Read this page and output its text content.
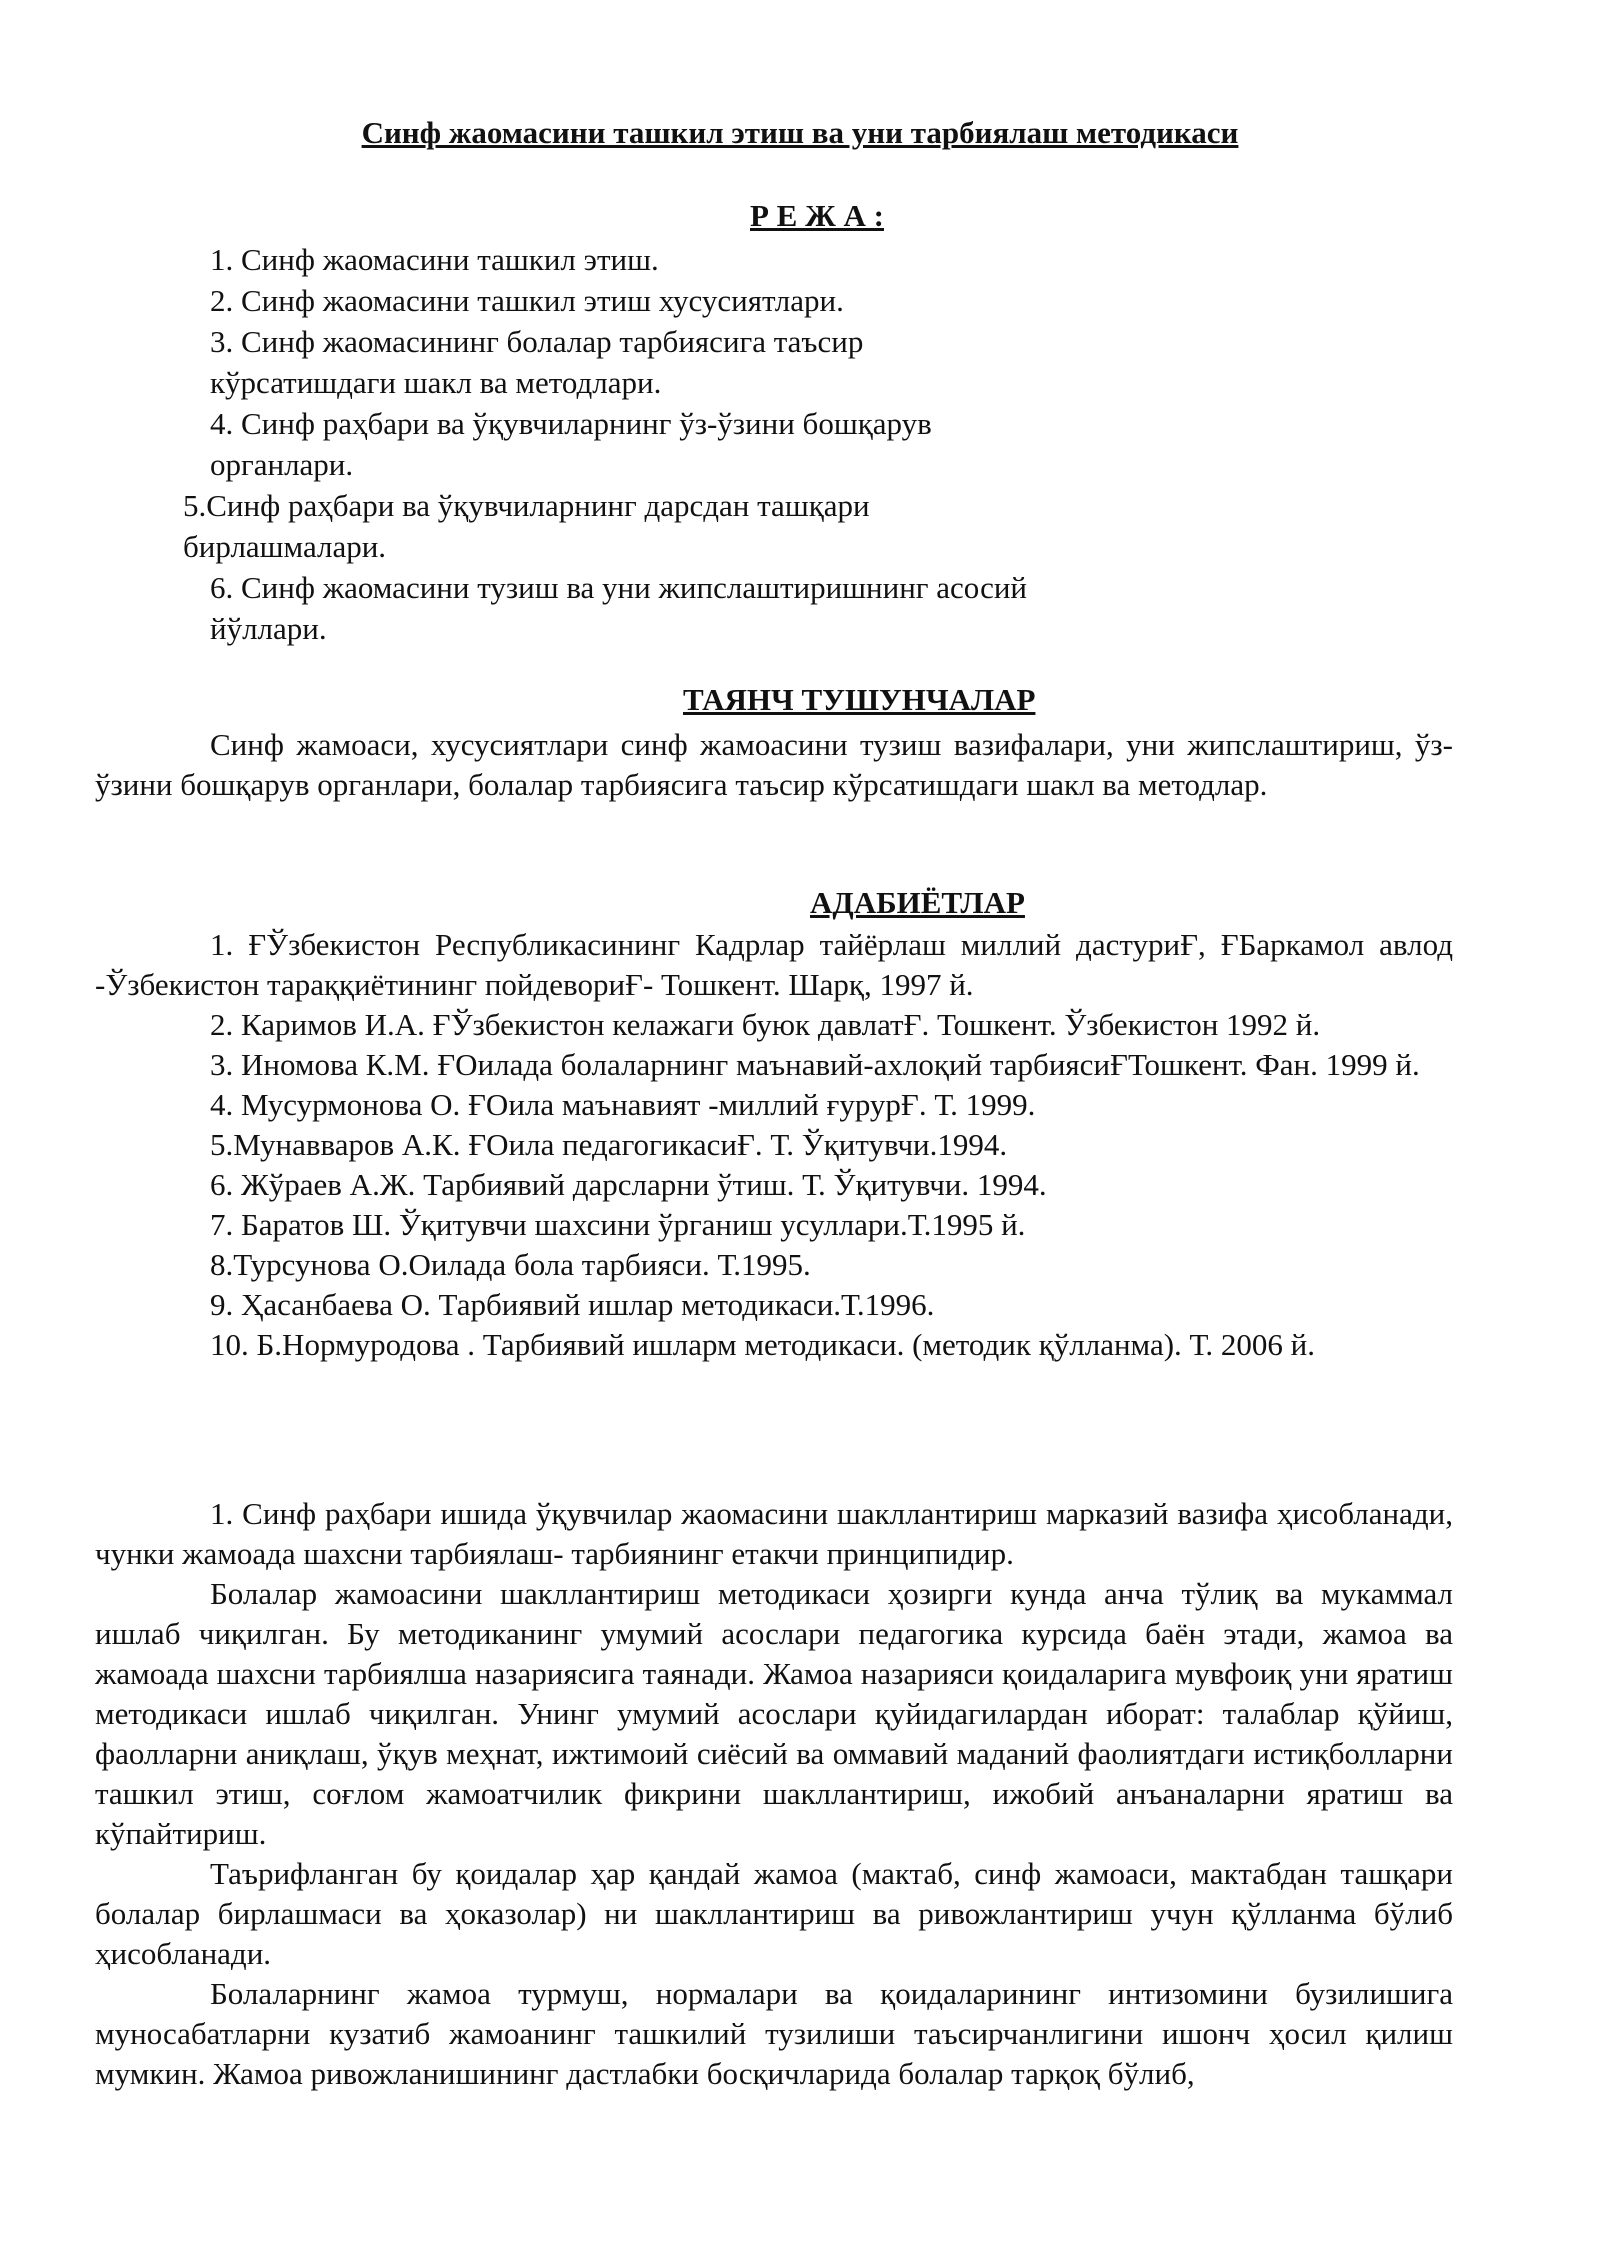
Синф жаомасини ташкил этиш ва уни тарбиялаш методикаси
Р Е Ж А :
1. Синф жаомасини ташкил этиш.
2. Синф жаомасини ташкил этиш хусусиятлари.
3. Синф жаомасининг болалар тарбиясига таъсир
кўрсатишдаги шакл ва методлари.
4. Синф раҳбари ва ўқувчиларнинг ўз-ўзини бошқарув
органлари.
5.Синф раҳбари ва ўқувчиларнинг дарсдан ташқари
бирлашмалари.
6. Синф жаомасини тузиш ва уни жипслаштиришнинг асосий
йўллари.
ТАЯНЧ ТУШУНЧАЛАР

Синф жамоаси, хусусиятлари синф жамоасини тузиш вазифалари, уни жипслаштириш, ўз-ўзини бошқарув органлари, болалар тарбиясига таъсир кўрсатишдаги шакл ва методлар.

АДАБИЁТЛАР
1. ҒЎзбекистон Республикасининг Кадрлар тайёрлаш миллий дастуриҒ, ҒБаркамол авлод -Ўзбекистон тараққиётининг пойдевориҒ- Тошкент. Шарқ, 1997 й.
2. Каримов И.А. ҒЎзбекистон келажаги буюк давлатҒ. Тошкент. Ўзбекистон 1992 й.
3. Иномова К.М. ҒОилада болаларнинг маънавий-ахлоқий тарбиясиҒТошкент. Фан. 1999 й.
4. Мусурмонова О. ҒОила маънавият -миллий ғурурҒ. Т. 1999.
5.Мунавваров А.К. ҒОила педагогикасиҒ. Т. Ўқитувчи.1994.
6. Жўраев А.Ж. Тарбиявий дарсларни ўтиш. Т. Ўқитувчи. 1994.
7. Баратов Ш. Ўқитувчи шахсини ўрганиш усуллари.Т.1995 й.
8.Турсунова О.Оилада бола тарбияси. Т.1995.
9. Ҳасанбаева О. Тарбиявий ишлар методикаси.Т.1996.
10. Б.Нормуродова . Тарбиявий ишларм методикаси. (методик қўлланма). Т. 2006 й.
1. Синф раҳбари ишида ўқувчилар жаомасини шакллантириш марказий вазифа ҳисобланади, чунки жамоада шахсни тарбиялаш- тарбиянинг етакчи принципидир.
Болалар жамоасини шакллантириш методикаси ҳозирги кунда анча тўлиқ ва мукаммал ишлаб чиқилган. Бу методиканинг умумий асослари педагогика курсида баён этади, жамоа ва жамоада шахсни тарбиялша назариясига таянади. Жамоа назарияси қоидаларига мувфоиқ уни яратиш методикаси ишлаб чиқилган. Унинг умумий асослари қуйидагилардан иборат: талаблар қўйиш, фаолларни аниқлаш, ўқув меҳнат, ижтимоий сиёсий ва оммавий маданий фаолиятдаги истиқболларни ташкил этиш, соғлом жамоатчилик фикрини шакллантириш, ижобий анъаналарни яратиш ва кўпайтириш.
Таърифланган бу қоидалар ҳар қандай жамоа (мактаб, синф жамоаси, мактабдан ташқари болалар бирлашмаси ва ҳоказолар) ни шакллантириш ва ривожлантириш учун қўлланма бўлиб ҳисобланади.
Болаларнинг жамоа турмуш, нормалари ва қоидаларининг интизомини бузилишига муносабатларни кузатиб жамоанинг ташкилий тузилиши таъсирчанлигини ишонч ҳосил қилиш мумкин. Жамоа ривожланишининг дастлабки босқичларида болалар тарқоқ бўлиб,
